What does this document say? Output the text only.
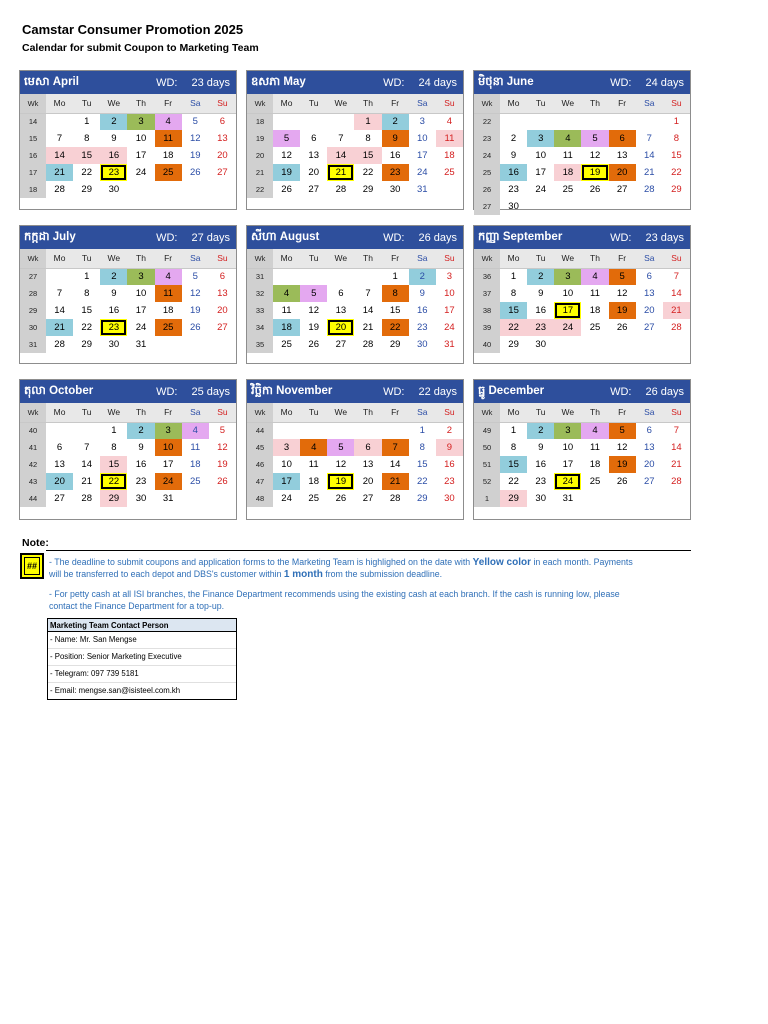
Camstar Consumer Promotion 2025
Calendar for submit Coupon to Marketing Team
មេសា April	WD: 23 days
Wk	Mo	Tu	We	Th	Fr	Sa	Su
14		1	2	3	4	5	6
15	7	8	9	10	11	12	13
16	14	15	16	17	18	19	20
17	21	22	23	24	25	26	27
18	28	29	30				
ឧសភា May	WD: 24 days
Wk	Mo	Tu	We	Th	Fr	Sa	Su
18				1	2	3	4
19	5	6	7	8	9	10	11
20	12	13	14	15	16	17	18
21	19	20	21	22	23	24	25
22	26	27	28	29	30	31	
មិថុនា June	WD: 24 days
Wk	Mo	Tu	We	Th	Fr	Sa	Su
22							1
23	2	3	4	5	6	7	8
24	9	10	11	12	13	14	15
25	16	17	18	19	20	21	22
26	23	24	25	26	27	28	29
27	30						
កក្កដា July	WD: 27 days
Wk	Mo	Tu	We	Th	Fr	Sa	Su
27		1	2	3	4	5	6
28	7	8	9	10	11	12	13
29	14	15	16	17	18	19	20
30	21	22	23	24	25	26	27
31	28	29	30	31			
សីហា August	WD: 26 days
Wk	Mo	Tu	We	Th	Fr	Sa	Su
31					1	2	3
32	4	5	6	7	8	9	10
33	11	12	13	14	15	16	17
34	18	19	20	21	22	23	24
35	25	26	27	28	29	30	31
កញ្ញា September	WD: 23 days
Wk	Mo	Tu	We	Th	Fr	Sa	Su
36	1	2	3	4	5	6	7
37	8	9	10	11	12	13	14
38	15	16	17	18	19	20	21
39	22	23	24	25	26	27	28
40	29	30					
តុលា October	WD: 25 days
Wk	Mo	Tu	We	Th	Fr	Sa	Su
40			1	2	3	4	5
41	6	7	8	9	10	11	12
42	13	14	15	16	17	18	19
43	20	21	22	23	24	25	26
44	27	28	29	30	31		
វិច្ឆិកា November	WD: 22 days
Wk	Mo	Tu	We	Th	Fr	Sa	Su
44						1	2
45	3	4	5	6	7	8	9
46	10	11	12	13	14	15	16
47	17	18	19	20	21	22	23
48	24	25	26	27	28	29	30
ធ្នូ December	WD: 26 days
Wk	Mo	Tu	We	Th	Fr	Sa	Su
49	1	2	3	4	5	6	7
50	8	9	10	11	12	13	14
51	15	16	17	18	19	20	21
52	22	23	24	25	26	27	28
1	29	30	31				
Note:
##	- The deadline to submit coupons and application forms to the Marketing Team is highlighed on the date with Yellow color in each month. Payments
will be transferred to each depot and DBS's customer within 1 month from the submission deadline.
- For petty cash at all ISI branches, the Finance Department recommends using the existing cash at each branch. If the cash is running low, please
contact the Finance Department for a top-up.
Marketing Team Contact Person
- Name: Mr. San Mengse
- Position: Senior Marketing Executive
- Telegram: 097 739 5181
- Email: mengse.san@isisteel.com.kh
